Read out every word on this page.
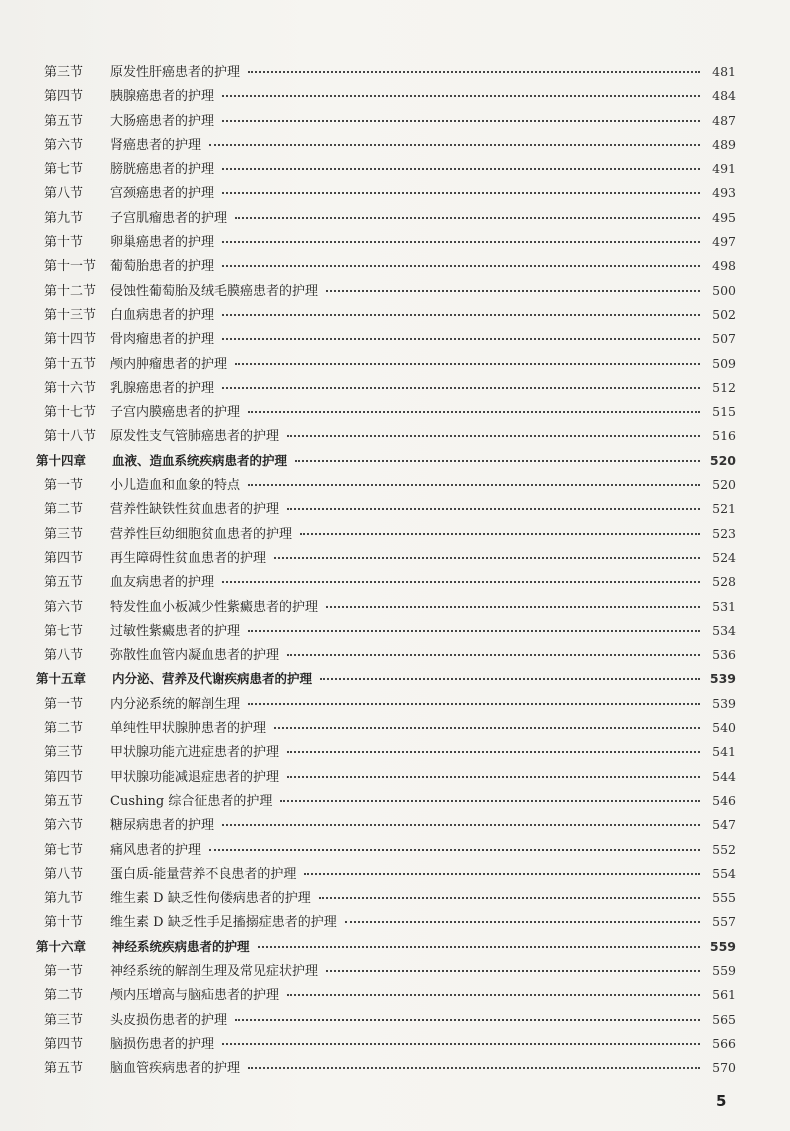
第三节	原发性肝癌患者的护理	481
第四节	胰腺癌患者的护理	484
第五节	大肠癌患者的护理	487
第六节	肾癌患者的护理	489
第七节	膀胱癌患者的护理	491
第八节	宫颈癌患者的护理	493
第九节	子宫肌瘤患者的护理	495
第十节	卵巢癌患者的护理	497
第十一节	葡萄胎患者的护理	498
第十二节	侵蚀性葡萄胎及绒毛膜癌患者的护理	500
第十三节	白血病患者的护理	502
第十四节	骨肉瘤患者的护理	507
第十五节	颅内肿瘤患者的护理	509
第十六节	乳腺癌患者的护理	512
第十七节	子宫内膜癌患者的护理	515
第十八节	原发性支气管肺癌患者的护理	516
第十四章	血液、造血系统疾病患者的护理	520
第一节	小儿造血和血象的特点	520
第二节	营养性缺铁性贫血患者的护理	521
第三节	营养性巨幼细胞贫血患者的护理	523
第四节	再生障碍性贫血患者的护理	524
第五节	血友病患者的护理	528
第六节	特发性血小板减少性紫癜患者的护理	531
第七节	过敏性紫癜患者的护理	534
第八节	弥散性血管内凝血患者的护理	536
第十五章	内分泌、营养及代谢疾病患者的护理	539
第一节	内分泌系统的解剖生理	539
第二节	单纯性甲状腺肿患者的护理	540
第三节	甲状腺功能亢进症患者的护理	541
第四节	甲状腺功能减退症患者的护理	544
第五节	Cushing 综合征患者的护理	546
第六节	糖尿病患者的护理	547
第七节	痛风患者的护理	552
第八节	蛋白质-能量营养不良患者的护理	554
第九节	维生素 D 缺乏性佝偻病患者的护理	555
第十节	维生素 D 缺乏性手足搐搦症患者的护理	557
第十六章	神经系统疾病患者的护理	559
第一节	神经系统的解剖生理及常见症状护理	559
第二节	颅内压增高与脑疝患者的护理	561
第三节	头皮损伤患者的护理	565
第四节	脑损伤患者的护理	566
第五节	脑血管疾病患者的护理	570
5
